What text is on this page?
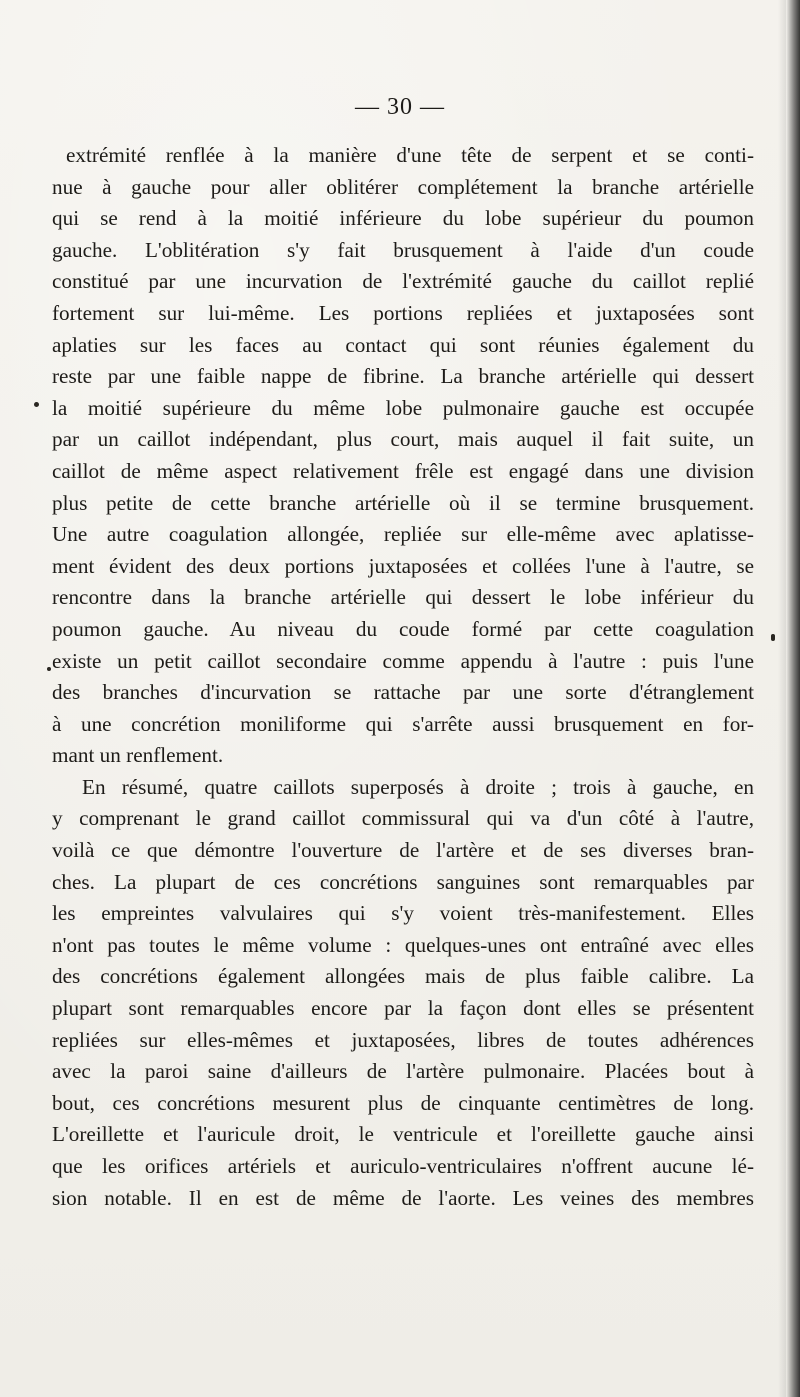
— 30 —
extrémité renflée à la manière d'une tête de serpent et se conti-
nue à gauche pour aller oblitérer complétement la branche artérielle
qui se rend à la moitié inférieure du lobe supérieur du poumon
gauche. L'oblitération s'y fait brusquement à l'aide d'un coude
constitué par une incurvation de l'extrémité gauche du caillot replié
fortement sur lui-même. Les portions repliées et juxtaposées sont
aplaties sur les faces au contact qui sont réunies également du
reste par une faible nappe de fibrine. La branche artérielle qui dessert
la moitié supérieure du même lobe pulmonaire gauche est occupée
par un caillot indépendant, plus court, mais auquel il fait suite, un
caillot de même aspect relativement frêle est engagé dans une division
plus petite de cette branche artérielle où il se termine brusquement.
Une autre coagulation allongée, repliée sur elle-même avec aplatisse-
ment évident des deux portions juxtaposées et collées l'une à l'autre, se
rencontre dans la branche artérielle qui dessert le lobe inférieur du
poumon gauche. Au niveau du coude formé par cette coagulation
existe un petit caillot secondaire comme appendu à l'autre : puis l'une
des branches d'incurvation se rattache par une sorte d'étranglement
à une concrétion moniliforme qui s'arrête aussi brusquement en for-
mant un renflement.
En résumé, quatre caillots superposés à droite ; trois à gauche, en
y comprenant le grand caillot commissural qui va d'un côté à l'autre,
voilà ce que démontre l'ouverture de l'artère et de ses diverses bran-
ches. La plupart de ces concrétions sanguines sont remarquables par
les empreintes valvulaires qui s'y voient très-manifestement. Elles
n'ont pas toutes le même volume : quelques-unes ont entraîné avec elles
des concrétions également allongées mais de plus faible calibre. La
plupart sont remarquables encore par la façon dont elles se présentent
repliées sur elles-mêmes et juxtaposées, libres de toutes adhérences
avec la paroi saine d'ailleurs de l'artère pulmonaire. Placées bout à
bout, ces concrétions mesurent plus de cinquante centimètres de long.
L'oreillette et l'auricule droit, le ventricule et l'oreillette gauche ainsi
que les orifices artériels et auriculo-ventriculaires n'offrent aucune lé-
sion notable. Il en est de même de l'aorte. Les veines des membres
